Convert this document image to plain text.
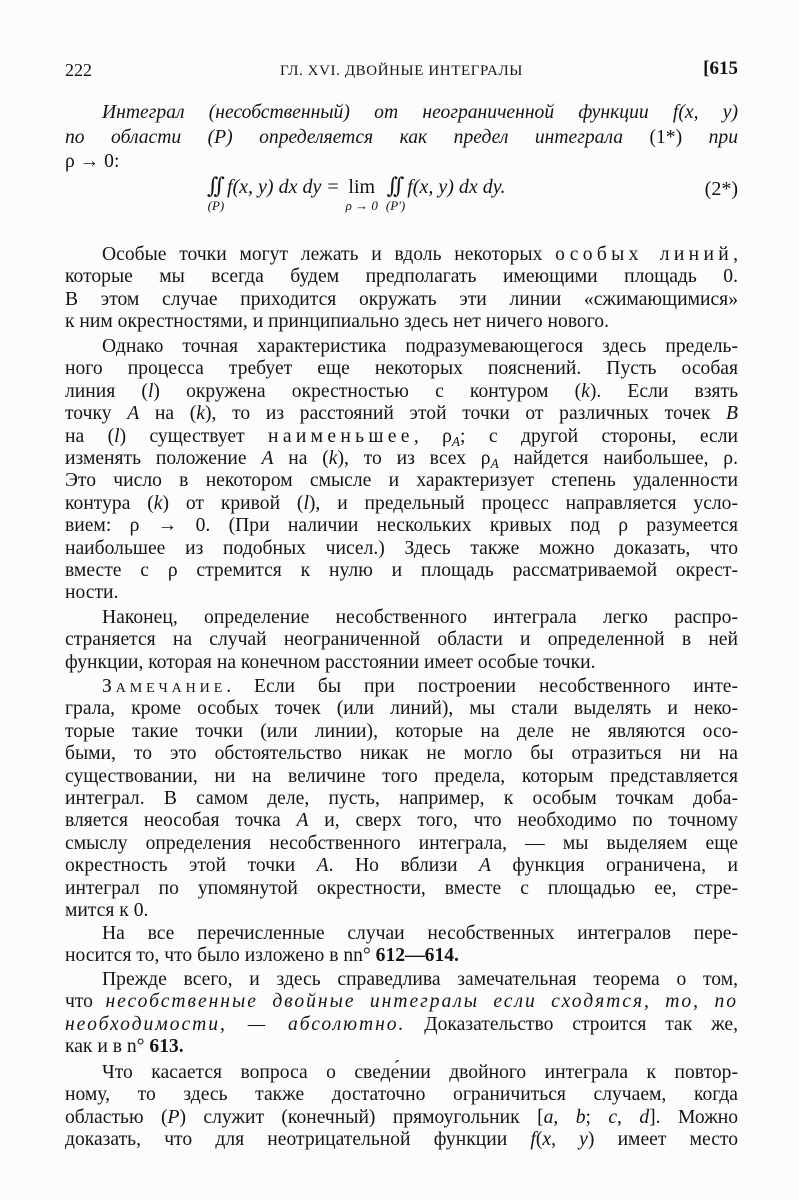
222	ГЛ. XVI. ДВОЙНЫЕ ИНТЕГРАЛЫ	[615
Интеграл (несобственный) от неограниченной функции f(x, y)
по области (P) определяется как предел интеграла (1*) при
ρ → 0:
∫∫
(P)
f(x, y) dx dy = lim
ρ → 0
∫∫
(P')
f(x, y) dx dy.	(2*)
Особые точки могут лежать и вдоль некоторых особых линий,
которые мы всегда будем предполагать имеющими площадь 0.
В этом случае приходится окружать эти линии «сжимающимися»
к ним окрестностями, и принципиально здесь нет ничего нового.
Однако точная характеристика подразумевающегося здесь предель-
ного процесса требует еще некоторых пояснений. Пусть особая
линия (l) окружена окрестностью с контуром (k). Если взять
точку A на (k), то из расстояний этой точки от различных точек B
на (l) существует наименьшее, $\rho_A$; с другой стороны, если
изменять положение A на (k), то из всех $\rho_A$ найдется наибольшее, ρ.
Это число в некотором смысле и характеризует степень удаленности
контура (k) от кривой (l), и предельный процесс направляется усло-
вием: ρ → 0. (При наличии нескольких кривых под ρ разумеется
наибольшее из подобных чисел.) Здесь также можно доказать, что
вместе с ρ стремится к нулю и площадь рассматриваемой окрест-
ности.
Наконец, определение несобственного интеграла легко распро-
страняется на случай неограниченной области и определенной в ней
функции, которая на конечном расстоянии имеет особые точки.
Замечание. Если бы при построении несобственного инте-
грала, кроме особых точек (или линий), мы стали выделять и неко-
торые такие точки (или линии), которые на деле не являются осо-
быми, то это обстоятельство никак не могло бы отразиться ни на
существовании, ни на величине того предела, которым представляется
интеграл. В самом деле, пусть, например, к особым точкам доба-
вляется неособая точка A и, сверх того, что необходимо по точному
смыслу определения несобственного интеграла, — мы выделяем еще
окрестность этой точки A. Но вблизи A функция ограничена, и
интеграл по упомянутой окрестности, вместе с площадью ее, стре-
мится к 0.
На все перечисленные случаи несобственных интегралов пере-
носится то, что было изложено в nn° 612—614.
Прежде всего, и здесь справедлива замечательная теорема о том,
что несобственные двойные интегралы если сходятся, то, по
необходимости, — абсолютно. Доказательство строится так же,
как и в n° 613.
Что касается вопроса о сведе́нии двойного интеграла к повтор-
ному, то здесь также достаточно ограничиться случаем, когда
областью (P) служит (конечный) прямоугольник [a, b; c, d]. Можно
доказать, что для неотрицательной функции f(x, y) имеет место
